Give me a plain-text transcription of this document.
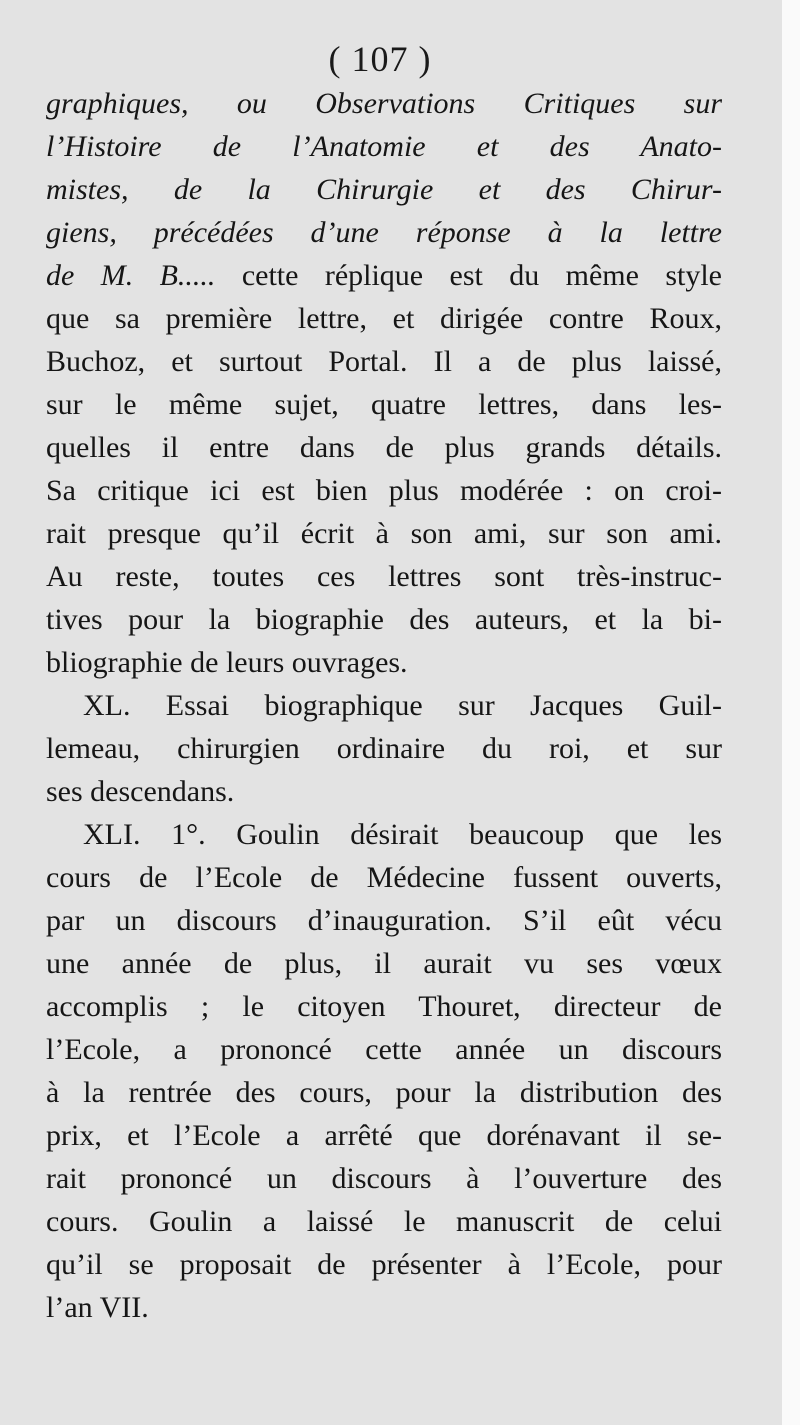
( 107 )
graphiques, ou Observations Critiques sur
l’Histoire de l’Anatomie et des Anato-
mistes, de la Chirurgie et des Chirur-
giens, précédées d’une réponse à la lettre
de M. B..... cette réplique est du même style
que sa première lettre, et dirigée contre Roux,
Buchoz, et surtout Portal. Il a de plus laissé,
sur le même sujet, quatre lettres, dans les-
quelles il entre dans de plus grands détails.
Sa critique ici est bien plus modérée : on croi-
rait presque qu’il écrit à son ami, sur son ami.
Au reste, toutes ces lettres sont très-instruc-
tives pour la biographie des auteurs, et la bi-
bliographie de leurs ouvrages.
XL. Essai biographique sur Jacques Guil-
lemeau, chirurgien ordinaire du roi, et sur
ses descendans.
XLI. 1°. Goulin désirait beaucoup que les
cours de l’Ecole de Médecine fussent ouverts,
par un discours d’inauguration. S’il eût vécu
une année de plus, il aurait vu ses vœux
accomplis ; le citoyen Thouret, directeur de
l’Ecole, a prononcé cette année un discours
à la rentrée des cours, pour la distribution des
prix, et l’Ecole a arrêté que dorénavant il se-
rait prononcé un discours à l’ouverture des
cours. Goulin a laissé le manuscrit de celui
qu’il se proposait de présenter à l’Ecole, pour
l’an VII.
